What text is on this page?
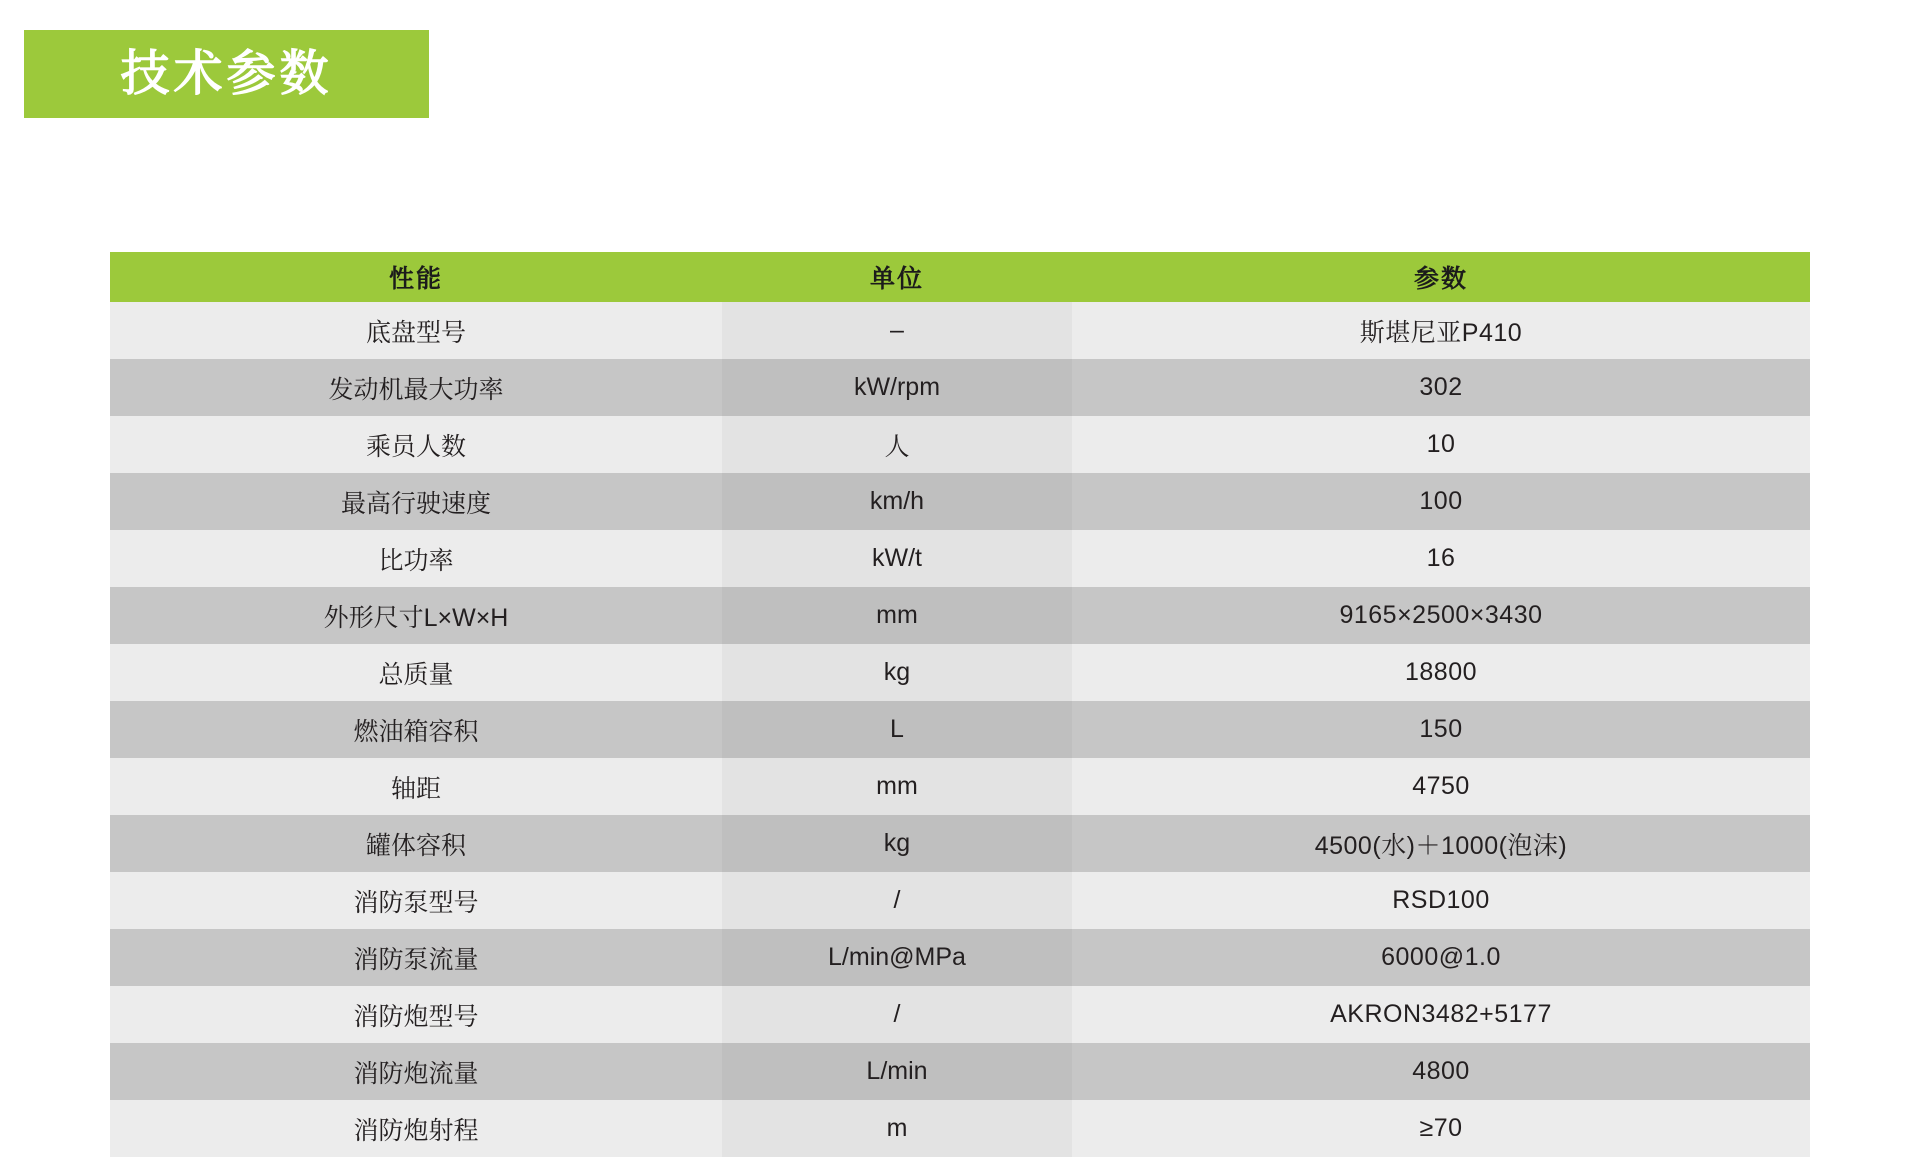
技术参数
性能	单位	参数
底盘型号	–	斯堪尼亚P410
发动机最大功率	kW/rpm	302
乘员人数	人	10
最高行驶速度	km/h	100
比功率	kW/t	16
外形尺寸L×W×H	mm	9165×2500×3430
总质量	kg	18800
燃油箱容积	L	150
轴距	mm	4750
罐体容积	kg	4500(水)＋1000(泡沫)
消防泵型号	/	RSD100
消防泵流量	L/min@MPa	6000@1.0
消防炮型号	/	AKRON3482+5177
消防炮流量	L/min	4800
消防炮射程	m	≥70
